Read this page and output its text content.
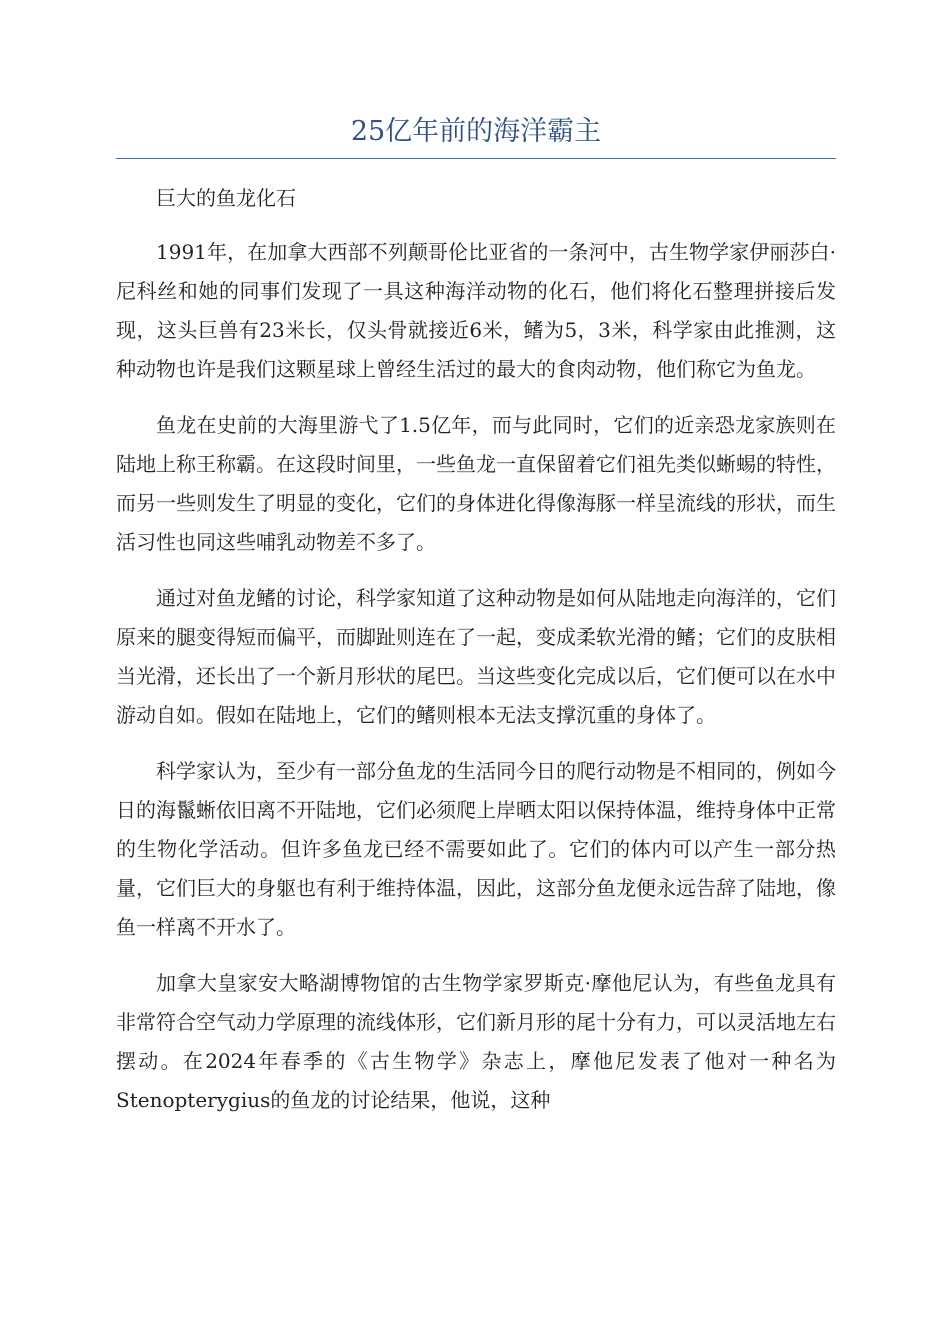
25亿年前的海洋霸主

巨大的鱼龙化石

1991年，在加拿大西部不列颠哥伦比亚省的一条河中，古生物学家伊丽莎白·尼科丝和她的同事们发现了一具这种海洋动物的化石，他们将化石整理拼接后发现，这头巨兽有23米长，仅头骨就接近6米，鳍为5，3米，科学家由此推测，这种动物也许是我们这颗星球上曾经生活过的最大的食肉动物，他们称它为鱼龙。

鱼龙在史前的大海里游弋了1.5亿年，而与此同时，它们的近亲恐龙家族则在陆地上称王称霸。在这段时间里，一些鱼龙一直保留着它们祖先类似蜥蜴的特性，而另一些则发生了明显的变化，它们的身体进化得像海豚一样呈流线的形状，而生活习性也同这些哺乳动物差不多了。

通过对鱼龙鳍的讨论，科学家知道了这种动物是如何从陆地走向海洋的，它们原来的腿变得短而偏平，而脚趾则连在了一起，变成柔软光滑的鳍；它们的皮肤相当光滑，还长出了一个新月形状的尾巴。当这些变化完成以后，它们便可以在水中游动自如。假如在陆地上，它们的鳍则根本无法支撑沉重的身体了。

科学家认为，至少有一部分鱼龙的生活同今日的爬行动物是不相同的，例如今日的海鬣蜥依旧离不开陆地，它们必须爬上岸晒太阳以保持体温，维持身体中正常的生物化学活动。但许多鱼龙已经不需要如此了。它们的体内可以产生一部分热量，它们巨大的身躯也有利于维持体温，因此，这部分鱼龙便永远告辞了陆地，像鱼一样离不开水了。

加拿大皇家安大略湖博物馆的古生物学家罗斯克·摩他尼认为，有些鱼龙具有非常符合空气动力学原理的流线体形，它们新月形的尾十分有力，可以灵活地左右摆动。在2024年春季的《古生物学》杂志上，摩他尼发表了他对一种名为Stenopterygius的鱼龙的讨论结果，他说，这种
